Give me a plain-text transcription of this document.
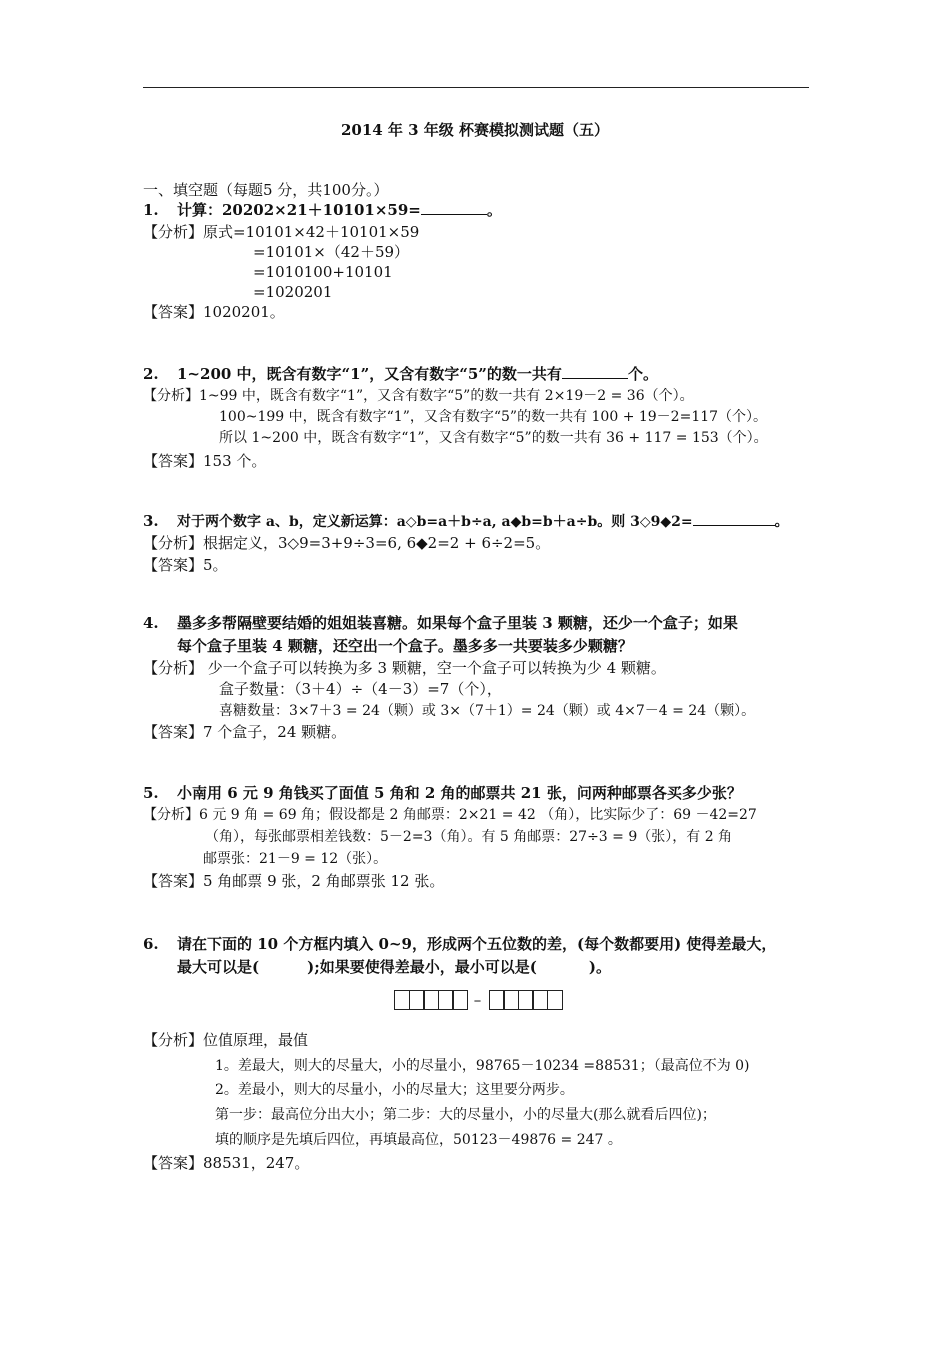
2014 年 3 年级 杯赛模拟测试题（五）
一、填空题（每题5 分，共100分。）
1. 计算：20202×21＋10101×59=	。
【分析】原式=10101×42＋10101×59
=10101×（42＋59）
=1010100+10101
=1020201
【答案】1020201。
2. 1~200 中，既含有数字“1”，又含有数字“5”的数一共有	个。
【分析】1~99 中，既含有数字“1”，又含有数字“5”的数一共有 2×19－2 = 36（个）。
100~199 中，既含有数字“1”，又含有数字“5”的数一共有 100 + 19－2=117（个）。
所以 1~200 中，既含有数字“1”，又含有数字“5”的数一共有 36 + 117 = 153（个）。
【答案】153 个。
3. 对于两个数字 a、b，定义新运算：a◇b=a＋b÷a, a◆b=b＋a÷b。则 3◇9◆2=	。
【分析】根据定义，3◇9=3+9÷3=6, 6◆2=2 + 6÷2=5。
【答案】5。
4. 墨多多帮隔壁要结婚的姐姐装喜糖。如果每个盒子里装 3 颗糖，还少一个盒子；如果
每个盒子里装 4 颗糖，还空出一个盒子。墨多多一共要装多少颗糖？
【分析】 少一个盒子可以转换为多 3 颗糖，空一个盒子可以转换为少 4 颗糖。
盒子数量：（3＋4）÷（4－3）=7（个），
喜糖数量：3×7＋3 = 24（颗）或 3×（7＋1）= 24（颗）或 4×7－4 = 24（颗）。
【答案】7 个盒子，24 颗糖。
5. 小南用 6 元 9 角钱买了面值 5 角和 2 角的邮票共 21 张，问两种邮票各买多少张？
【分析】6 元 9 角 = 69 角；假设都是 2 角邮票：2×21 = 42 （角），比实际少了：69 －42=27
（角），每张邮票相差钱数：5－2=3（角）。有 5 角邮票：27÷3 = 9（张），有 2 角
邮票张：21－9 = 12（张）。
【答案】5 角邮票 9 张，2 角邮票张 12 张。
6. 请在下面的 10 个方框内填入 0~9，形成两个五位数的差，(每个数都要用) 使得差最大，
最大可以是(	);如果要使得差最小，最小可以是(	)。
–
【分析】位值原理，最值
1。差最大，则大的尽量大，小的尽量小，98765－10234 =88531；（最高位不为 0)
2。差最小，则大的尽量小，小的尽量大；这里要分两步。
第一步：最高位分出大小；第二步：大的尽量小，小的尽量大(那么就看后四位)；
填的顺序是先填后四位，再填最高位，50123－49876 = 247 。
【答案】88531，247。
